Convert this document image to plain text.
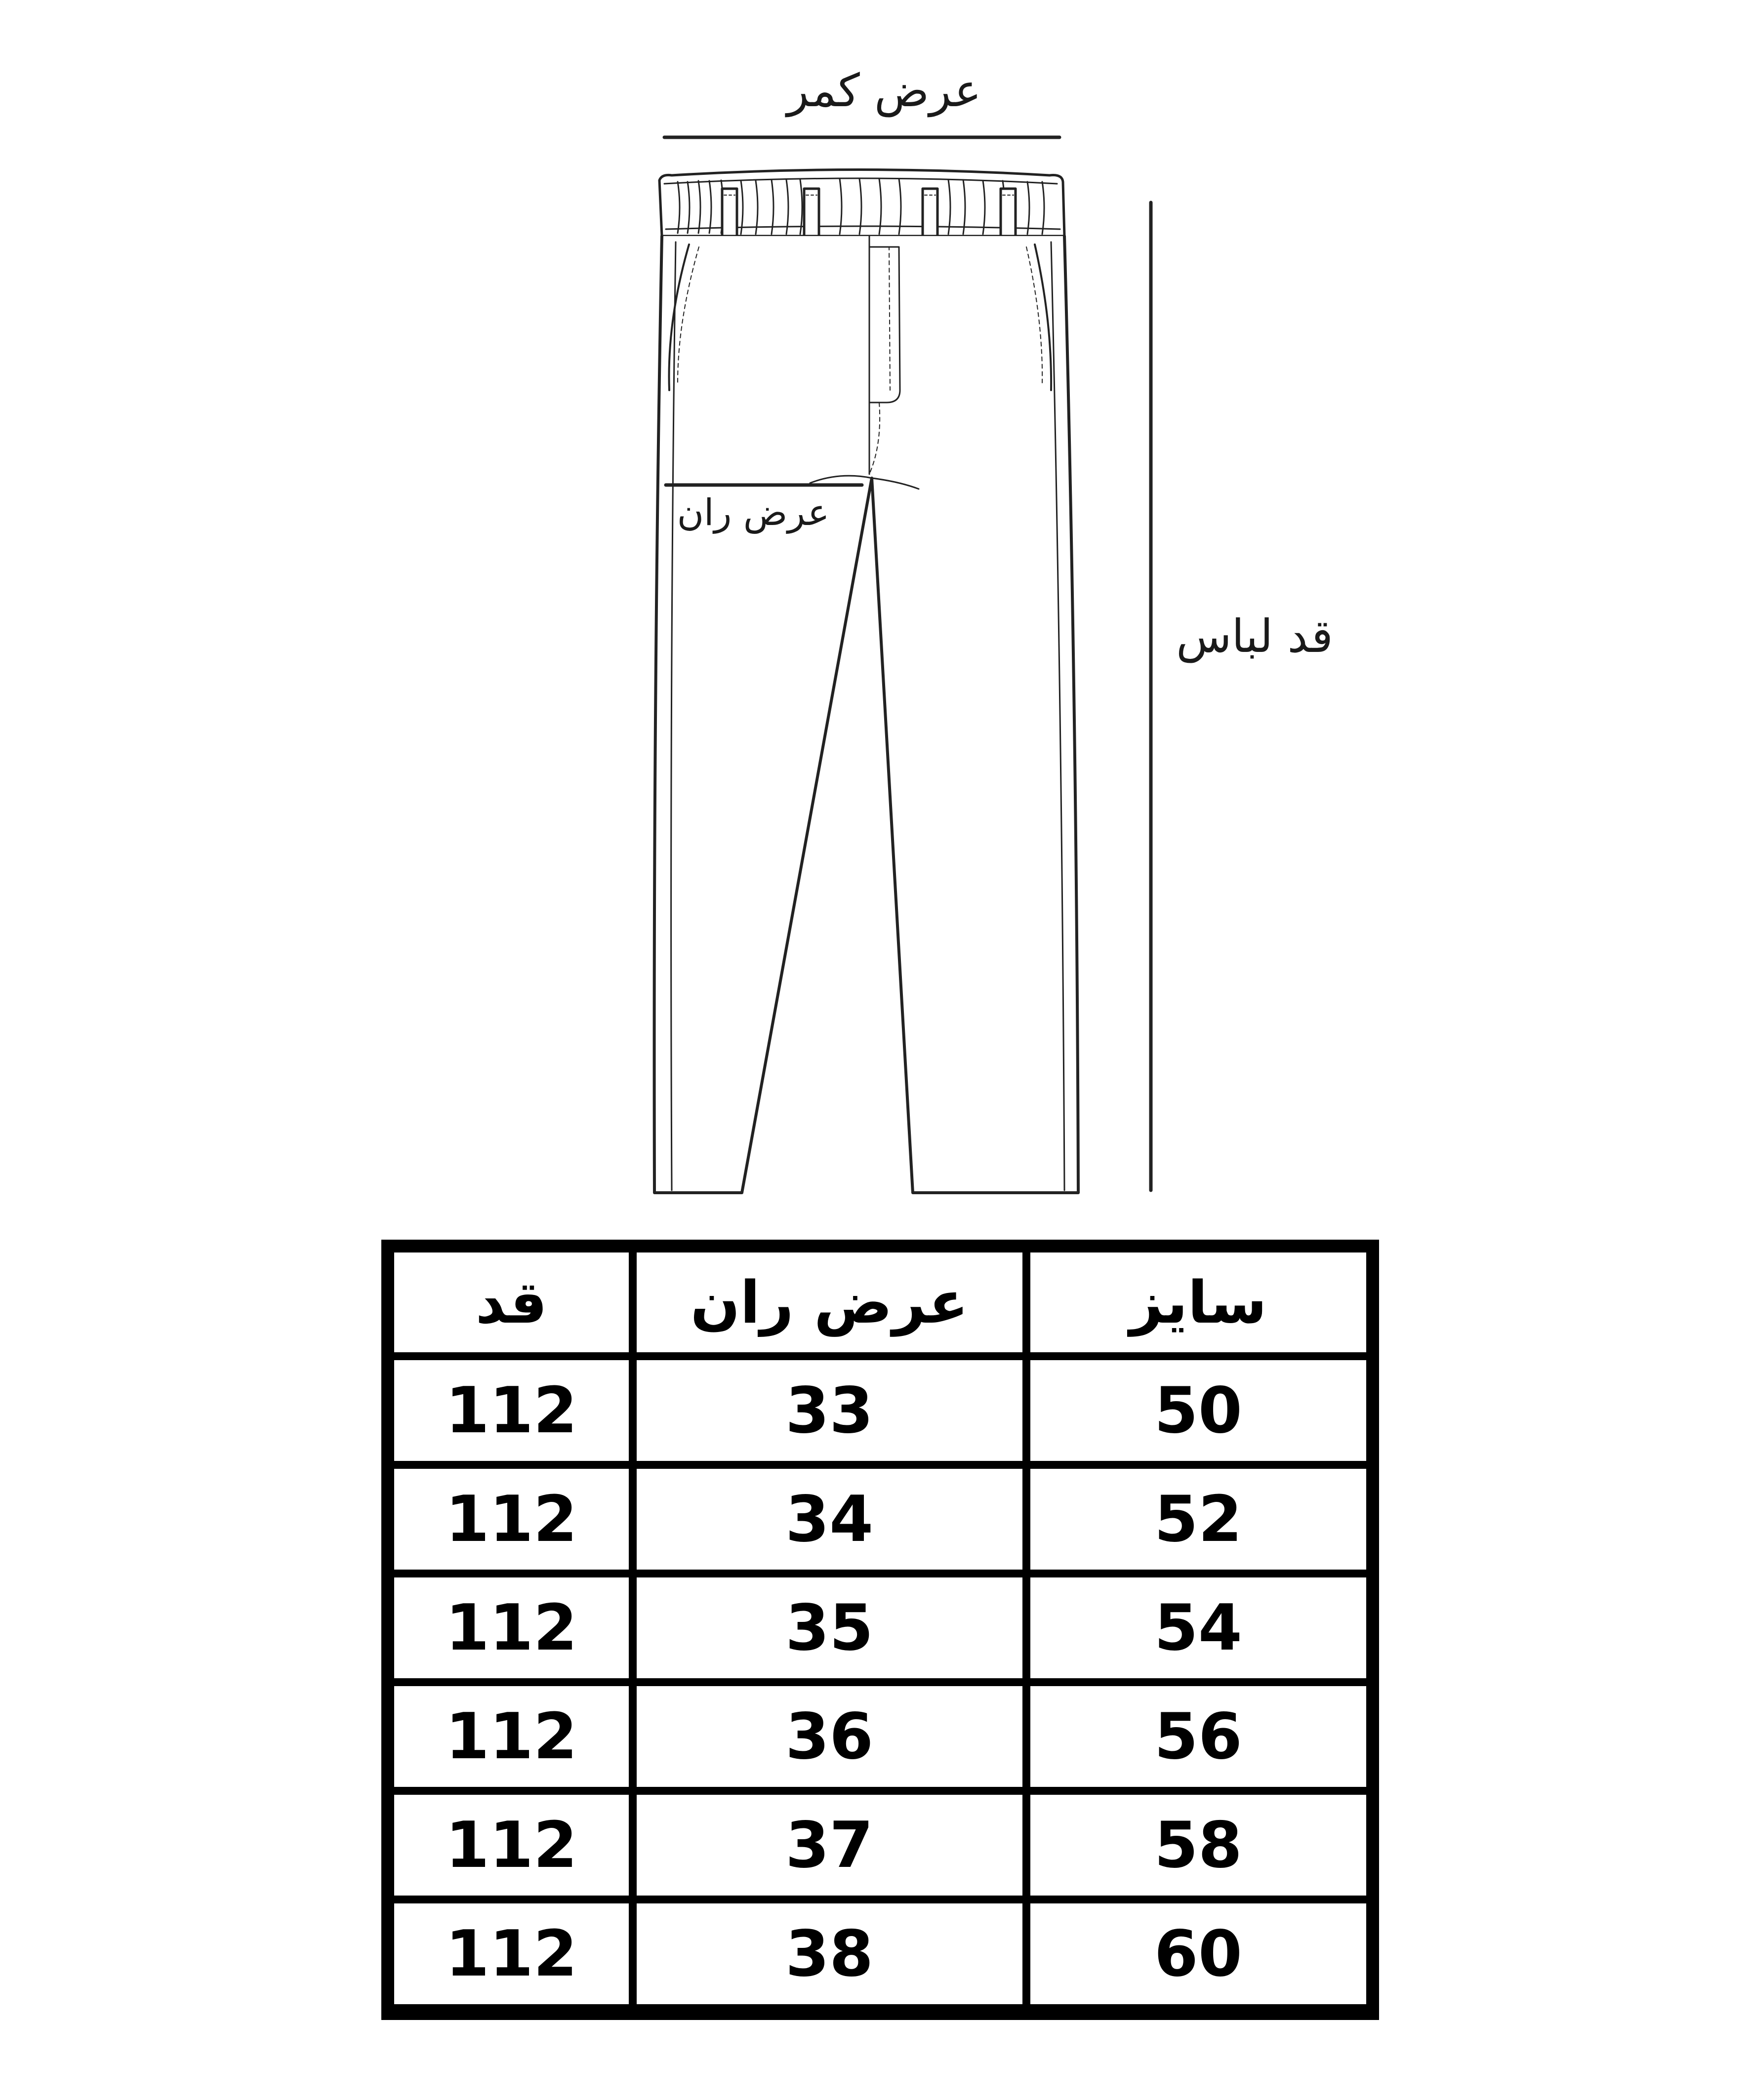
عرض کمر
عرض ران
قد لباس
سایز
عرض ران
قد
50
33
112
52
34
112
54
35
112
56
36
112
58
37
112
60
38
112
